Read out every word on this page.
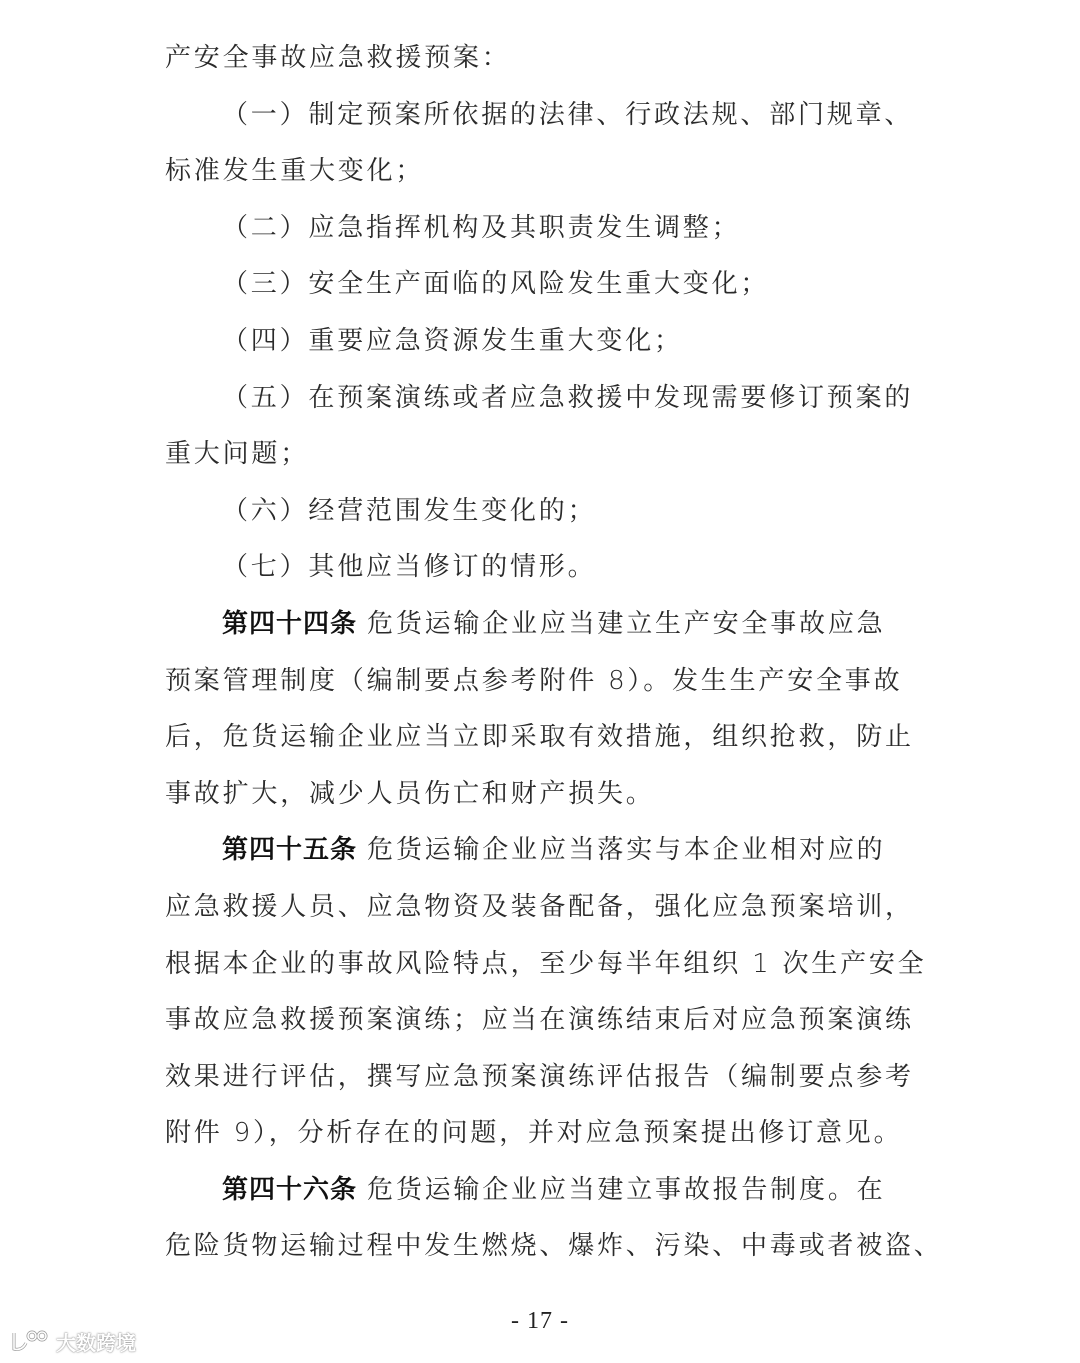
产安全事故应急救援预案：
（一）制定预案所依据的法律、行政法规、部门规章、
标准发生重大变化；
（二）应急指挥机构及其职责发生调整；
（三）安全生产面临的风险发生重大变化；
（四）重要应急资源发生重大变化；
（五）在预案演练或者应急救援中发现需要修订预案的
重大问题；
（六）经营范围发生变化的；
（七）其他应当修订的情形。
第四十四条 危货运输企业应当建立生产安全事故应急
预案管理制度（编制要点参考附件 8）。发生生产安全事故
后，危货运输企业应当立即采取有效措施，组织抢救，防止
事故扩大，减少人员伤亡和财产损失。
第四十五条 危货运输企业应当落实与本企业相对应的
应急救援人员、应急物资及装备配备，强化应急预案培训，
根据本企业的事故风险特点，至少每半年组织 1 次生产安全
事故应急救援预案演练；应当在演练结束后对应急预案演练
效果进行评估，撰写应急预案演练评估报告（编制要点参考
附件 9），分析存在的问题，并对应急预案提出修订意见。
第四十六条 危货运输企业应当建立事故报告制度。在
危险货物运输过程中发生燃烧、爆炸、污染、中毒或者被盗、
- 17 -
大数跨境
